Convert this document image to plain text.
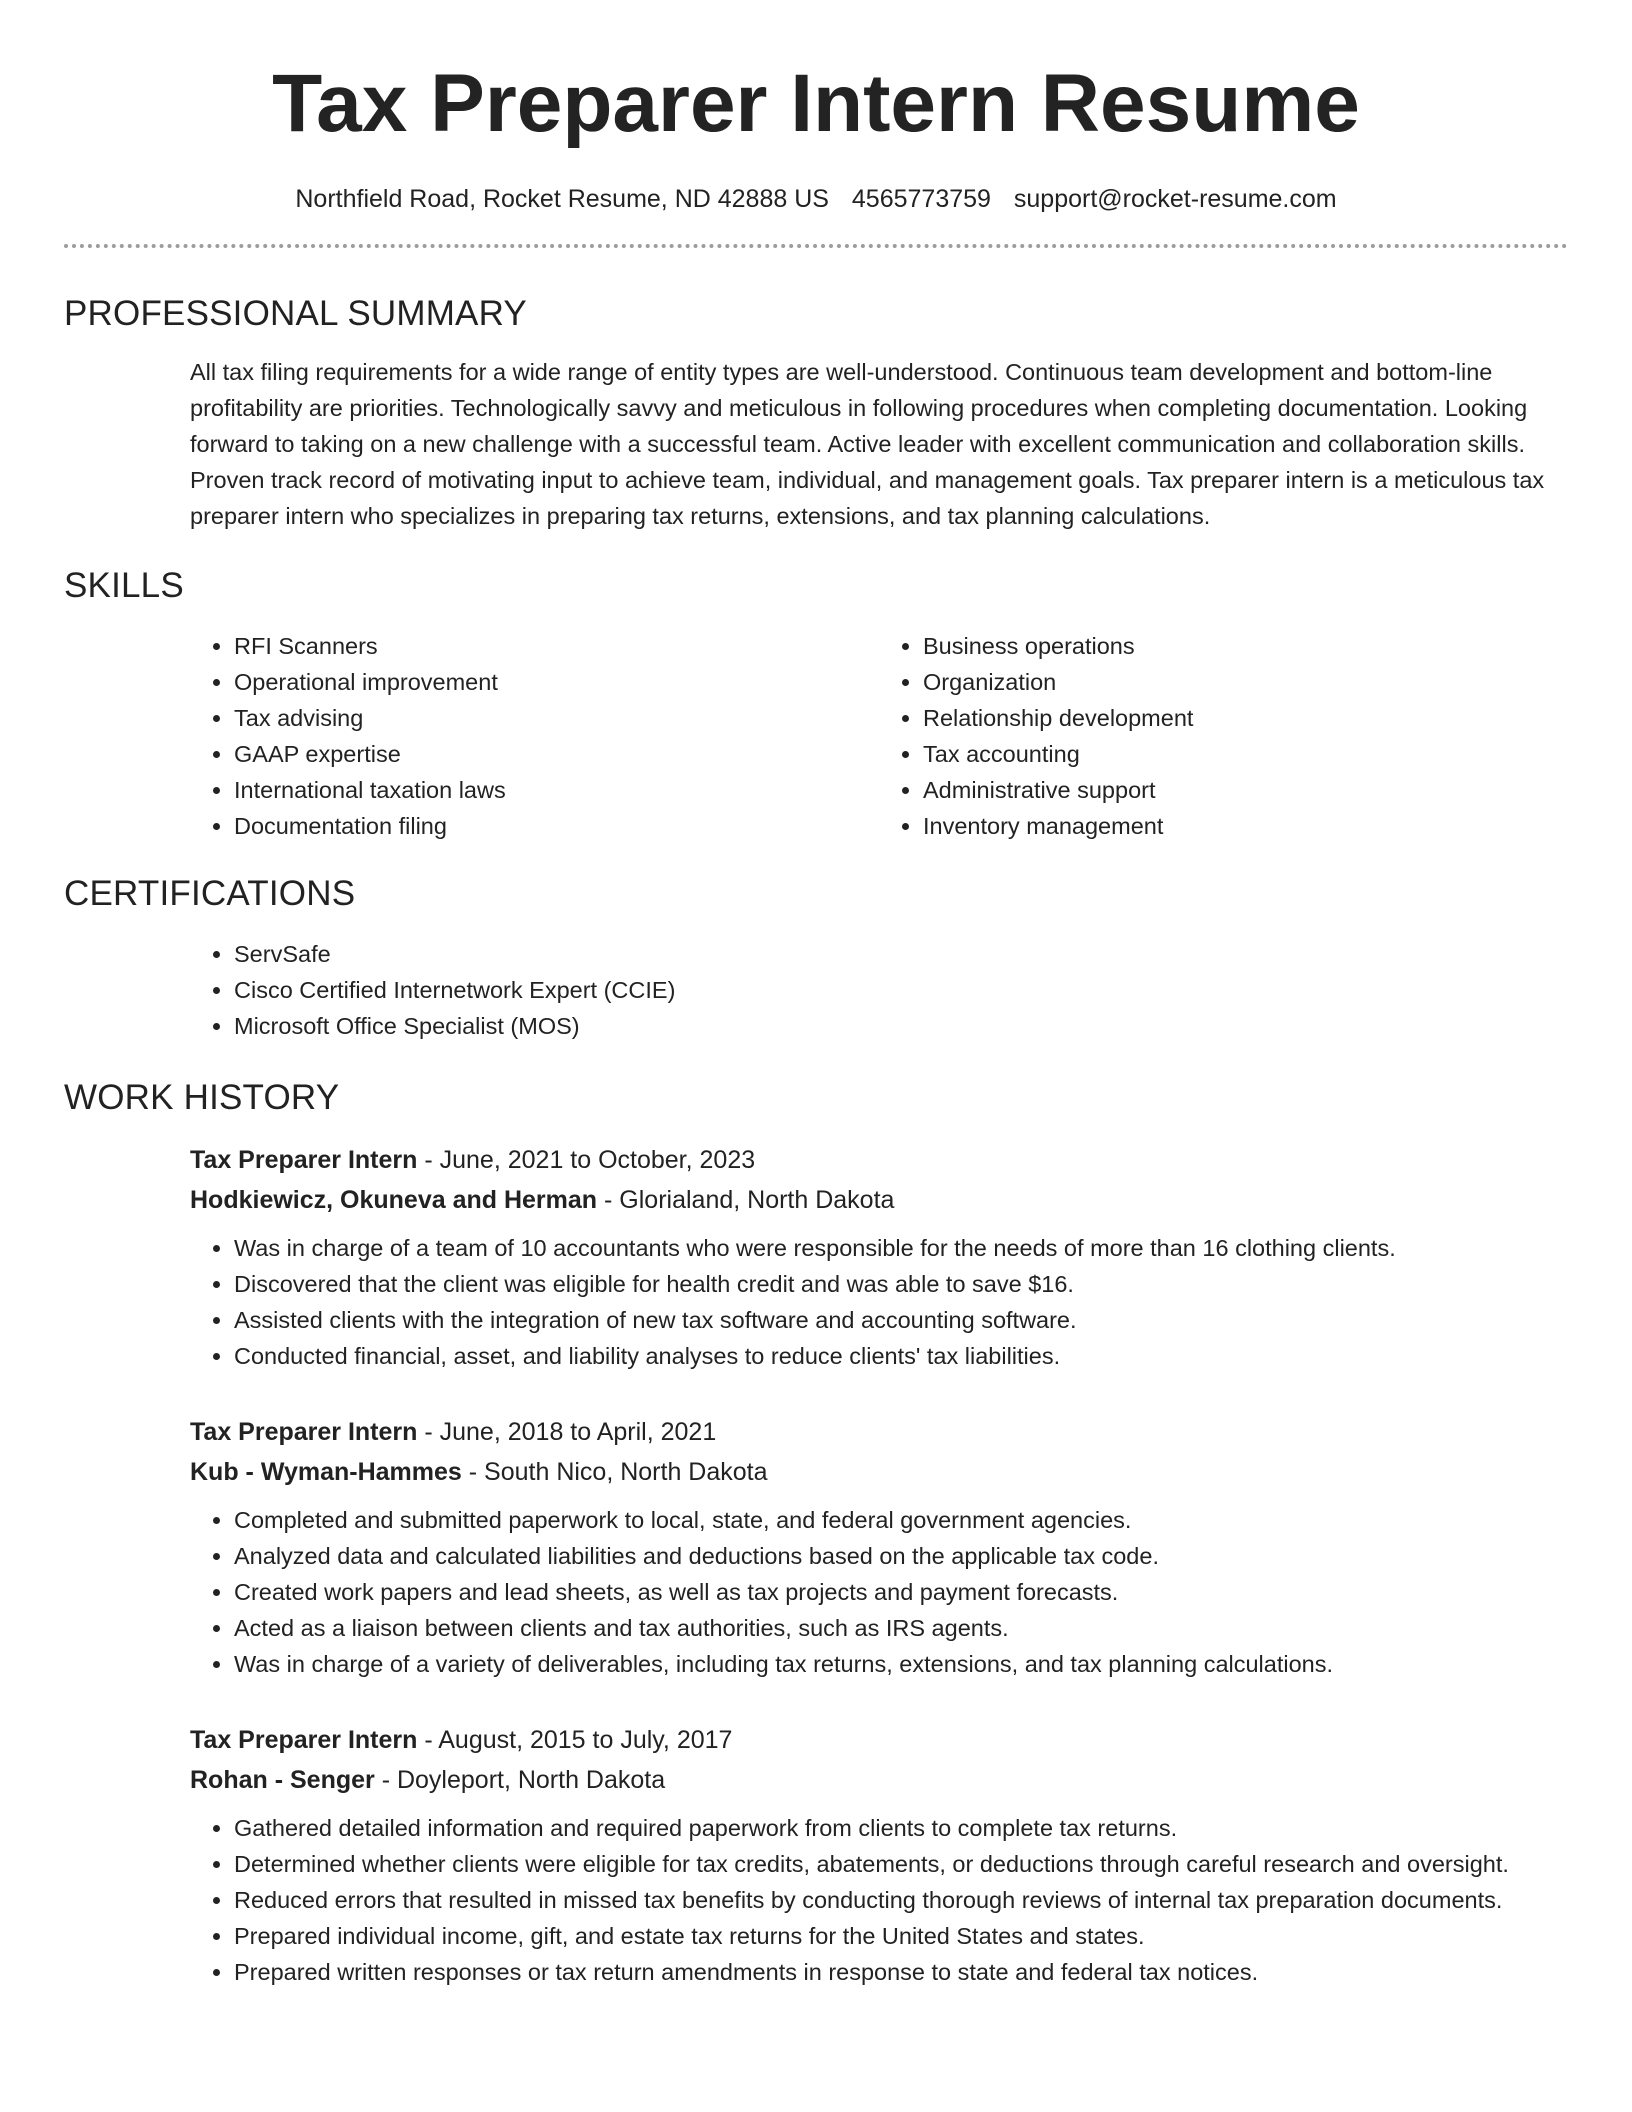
Tax Preparer Intern Resume
Northfield Road, Rocket Resume, ND 42888 US 4565773759 support@rocket-resume.com
PROFESSIONAL SUMMARY

All tax filing requirements for a wide range of entity types are well-understood. Continuous team development and bottom-line profitability are priorities. Technologically savvy and meticulous in following procedures when completing documentation. Looking forward to taking on a new challenge with a successful team. Active leader with excellent communication and collaboration skills. Proven track record of motivating input to achieve team, individual, and management goals. Tax preparer intern is a meticulous tax preparer intern who specializes in preparing tax returns, extensions, and tax planning calculations.

SKILLS
• RFI Scanners
• Operational improvement
• Tax advising
• GAAP expertise
• International taxation laws
• Documentation filing
• Business operations
• Organization
• Relationship development
• Tax accounting
• Administrative support
• Inventory management
CERTIFICATIONS
• ServSafe
• Cisco Certified Internetwork Expert (CCIE)
• Microsoft Office Specialist (MOS)
WORK HISTORY
Tax Preparer Intern - June, 2021 to October, 2023
Hodkiewicz, Okuneva and Herman - Glorialand, North Dakota
• Was in charge of a team of 10 accountants who were responsible for the needs of more than 16 clothing clients.
• Discovered that the client was eligible for health credit and was able to save $16.
• Assisted clients with the integration of new tax software and accounting software.
• Conducted financial, asset, and liability analyses to reduce clients' tax liabilities.
Tax Preparer Intern - June, 2018 to April, 2021
Kub - Wyman-Hammes - South Nico, North Dakota
• Completed and submitted paperwork to local, state, and federal government agencies.
• Analyzed data and calculated liabilities and deductions based on the applicable tax code.
• Created work papers and lead sheets, as well as tax projects and payment forecasts.
• Acted as a liaison between clients and tax authorities, such as IRS agents.
• Was in charge of a variety of deliverables, including tax returns, extensions, and tax planning calculations.
Tax Preparer Intern - August, 2015 to July, 2017
Rohan - Senger - Doyleport, North Dakota
• Gathered detailed information and required paperwork from clients to complete tax returns.
• Determined whether clients were eligible for tax credits, abatements, or deductions through careful research and oversight.
• Reduced errors that resulted in missed tax benefits by conducting thorough reviews of internal tax preparation documents.
• Prepared individual income, gift, and estate tax returns for the United States and states.
• Prepared written responses or tax return amendments in response to state and federal tax notices.
